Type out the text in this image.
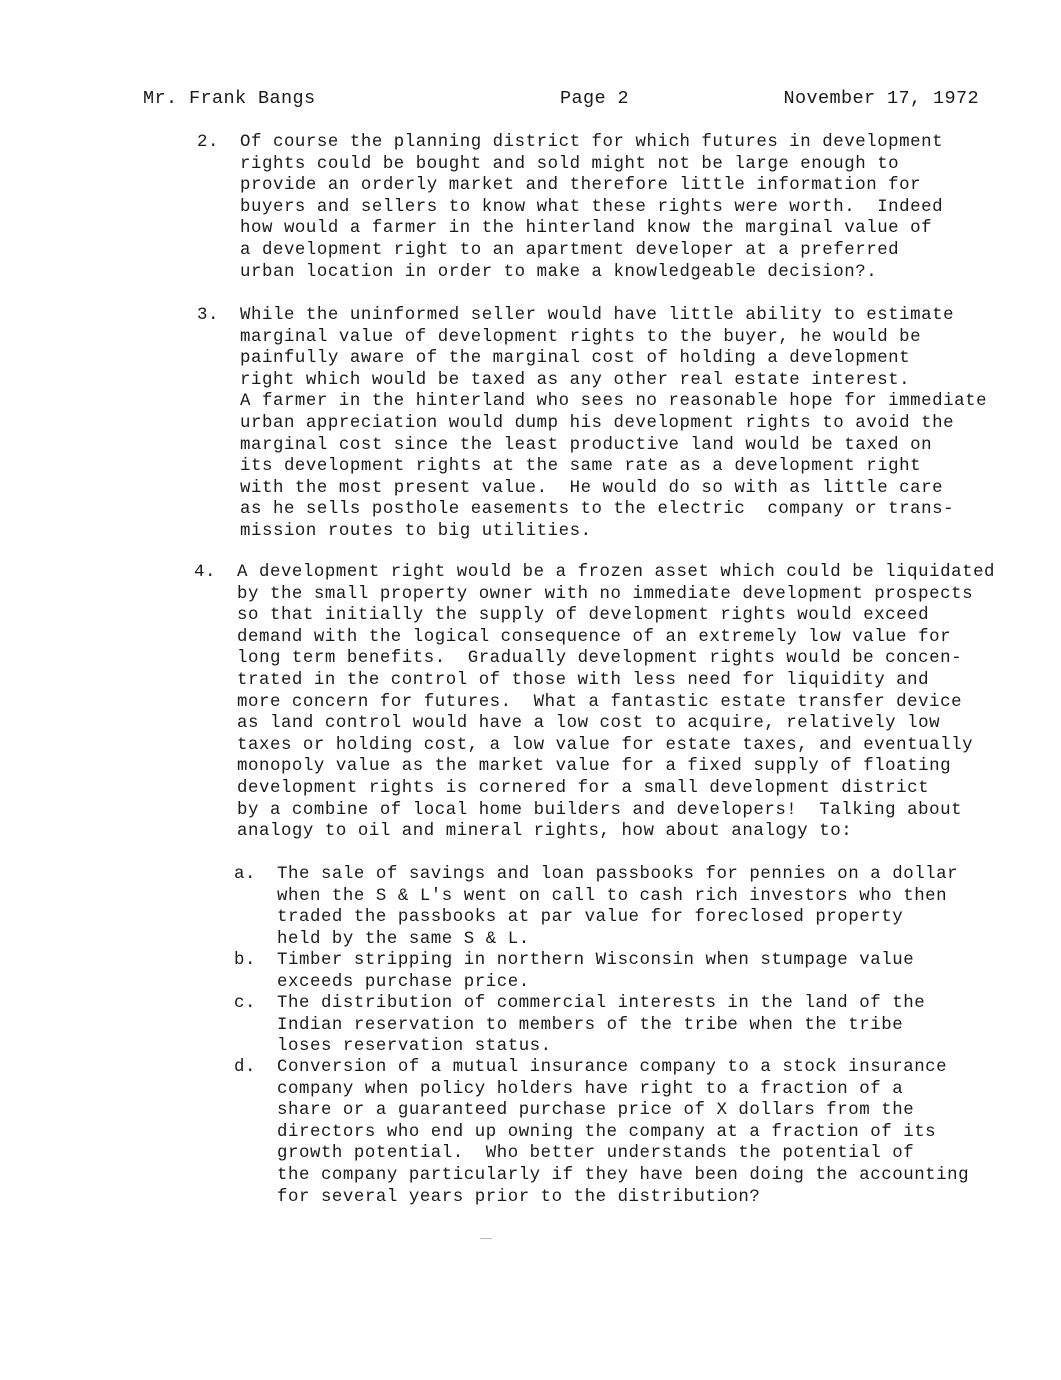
Mr. Frank Bangs	Page 2	November 17, 1972
2. Of course the planning district for which futures in development
rights could be bought and sold might not be large enough to
provide an orderly market and therefore little information for
buyers and sellers to know what these rights were worth.  Indeed
how would a farmer in the hinterland know the marginal value of
a development right to an apartment developer at a preferred
urban location in order to make a knowledgeable decision?.
3. While the uninformed seller would have little ability to estimate
marginal value of development rights to the buyer, he would be
painfully aware of the marginal cost of holding a development
right which would be taxed as any other real estate interest.
A farmer in the hinterland who sees no reasonable hope for immediate
urban appreciation would dump his development rights to avoid the
marginal cost since the least productive land would be taxed on
its development rights at the same rate as a development right
with the most present value.  He would do so with as little care
as he sells posthole easements to the electric  company or trans-
mission routes to big utilities.
4. A development right would be a frozen asset which could be liquidated
by the small property owner with no immediate development prospects
so that initially the supply of development rights would exceed
demand with the logical consequence of an extremely low value for
long term benefits.  Gradually development rights would be concen-
trated in the control of those with less need for liquidity and
more concern for futures.  What a fantastic estate transfer device
as land control would have a low cost to acquire, relatively low
taxes or holding cost, a low value for estate taxes, and eventually
monopoly value as the market value for a fixed supply of floating
development rights is cornered for a small development district
by a combine of local home builders and developers!  Talking about
analogy to oil and mineral rights, how about analogy to:
a. The sale of savings and loan passbooks for pennies on a dollar
when the S & L's went on call to cash rich investors who then
traded the passbooks at par value for foreclosed property
held by the same S & L.
b. Timber stripping in northern Wisconsin when stumpage value
exceeds purchase price.
c. The distribution of commercial interests in the land of the
Indian reservation to members of the tribe when the tribe
loses reservation status.
d. Conversion of a mutual insurance company to a stock insurance
company when policy holders have right to a fraction of a
share or a guaranteed purchase price of X dollars from the
directors who end up owning the company at a fraction of its
growth potential.  Who better understands the potential of
the company particularly if they have been doing the accounting
for several years prior to the distribution?
